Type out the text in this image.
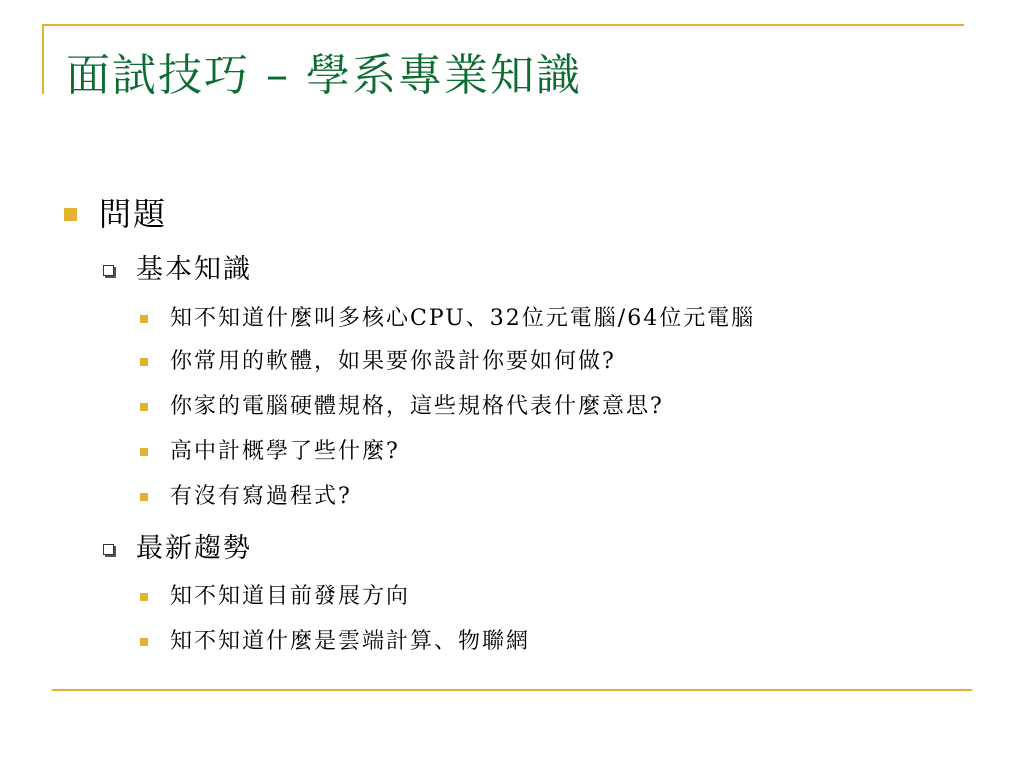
面試技巧 – 學系專業知識
問題
基本知識
知不知道什麼叫多核心CPU、32位元電腦/64位元電腦
你常用的軟體，如果要你設計你要如何做?
你家的電腦硬體規格，這些規格代表什麼意思?
高中計概學了些什麼?
有沒有寫過程式?
最新趨勢
知不知道目前發展方向
知不知道什麼是雲端計算、物聯網
